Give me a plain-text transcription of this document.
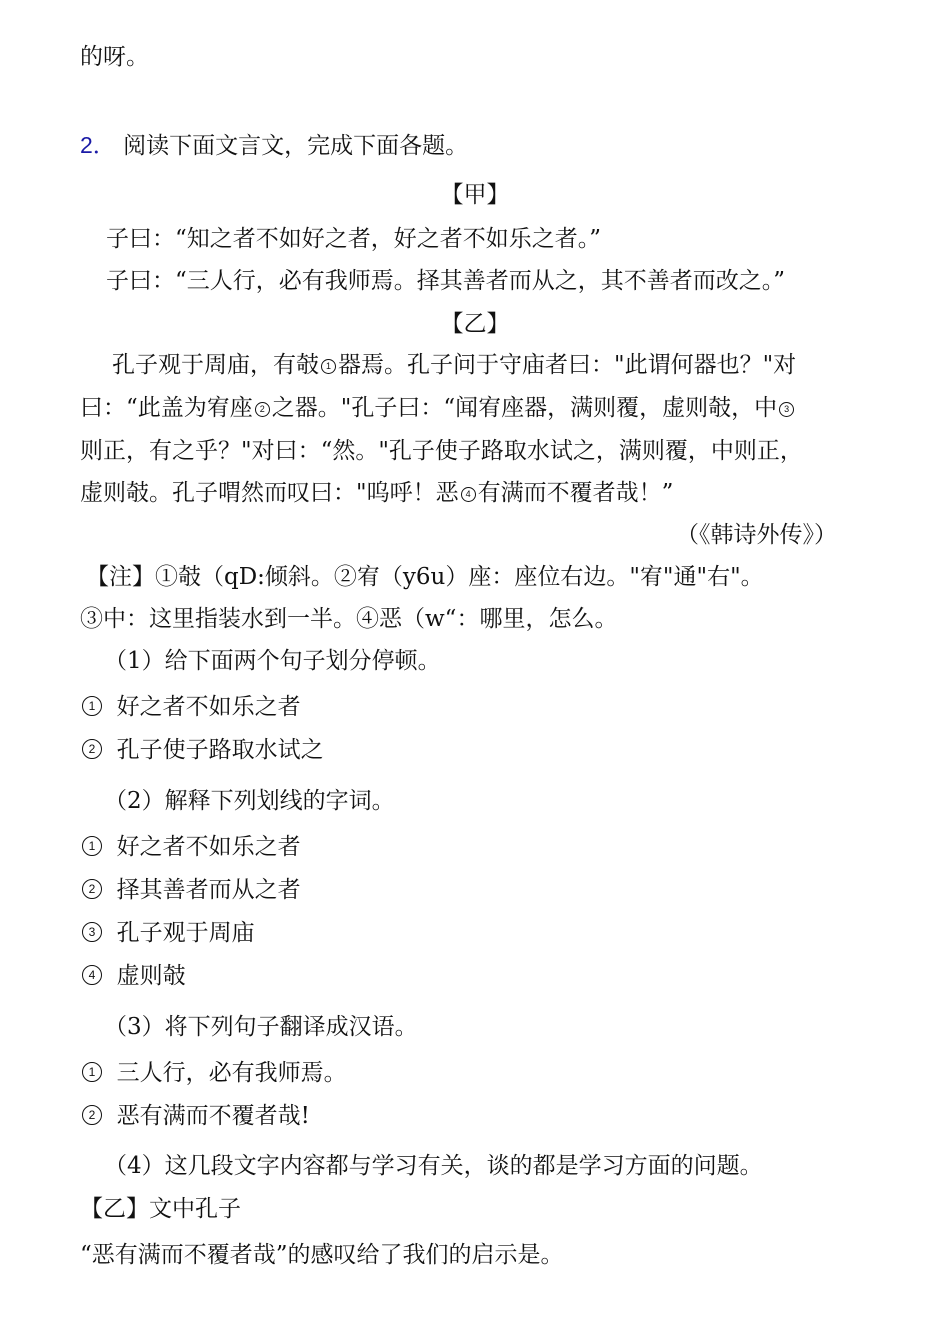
的呀。
2． 阅读下面文言文，完成下面各题。
【甲】
子曰：“知之者不如好之者，好之者不如乐之者。”
子曰：“三人行，必有我师焉。择其善者而从之，其不善者而改之。”
【乙】
孔子观于周庙，有攲 1 器焉。孔子问于守庙者曰："此谓何器也？"对
曰：“此盖为宥座 2 之器。"孔子曰：“闻宥座器，满则覆，虚则攲，中 3
则正，有之乎？"对曰：“然。"孔子使子路取水试之，满则覆，中则正，
虚则攲。孔子喟然而叹曰："呜呼！恶 4 有满而不覆者哉！”
（《韩诗外传》）
【注】①攲（qD:倾斜。②宥（y6u）座：座位右边。"宥"通"右"。
③中：这里指装水到一半。④恶（w“：哪里，怎么。
（1）给下面两个句子划分停顿。
1 好之者不如乐之者
2 孔子使子路取水试之
（2）解释下列划线的字词。
1 好之者不如乐之者
2 择其善者而从之者
3 孔子观于周庙
4 虚则攲
（3）将下列句子翻译成汉语。
1 三人行，必有我师焉。
2 恶有满而不覆者哉!
（4）这几段文字内容都与学习有关，谈的都是学习方面的问题。
【乙】文中孔子
“恶有满而不覆者哉”的感叹给了我们的启示是。
